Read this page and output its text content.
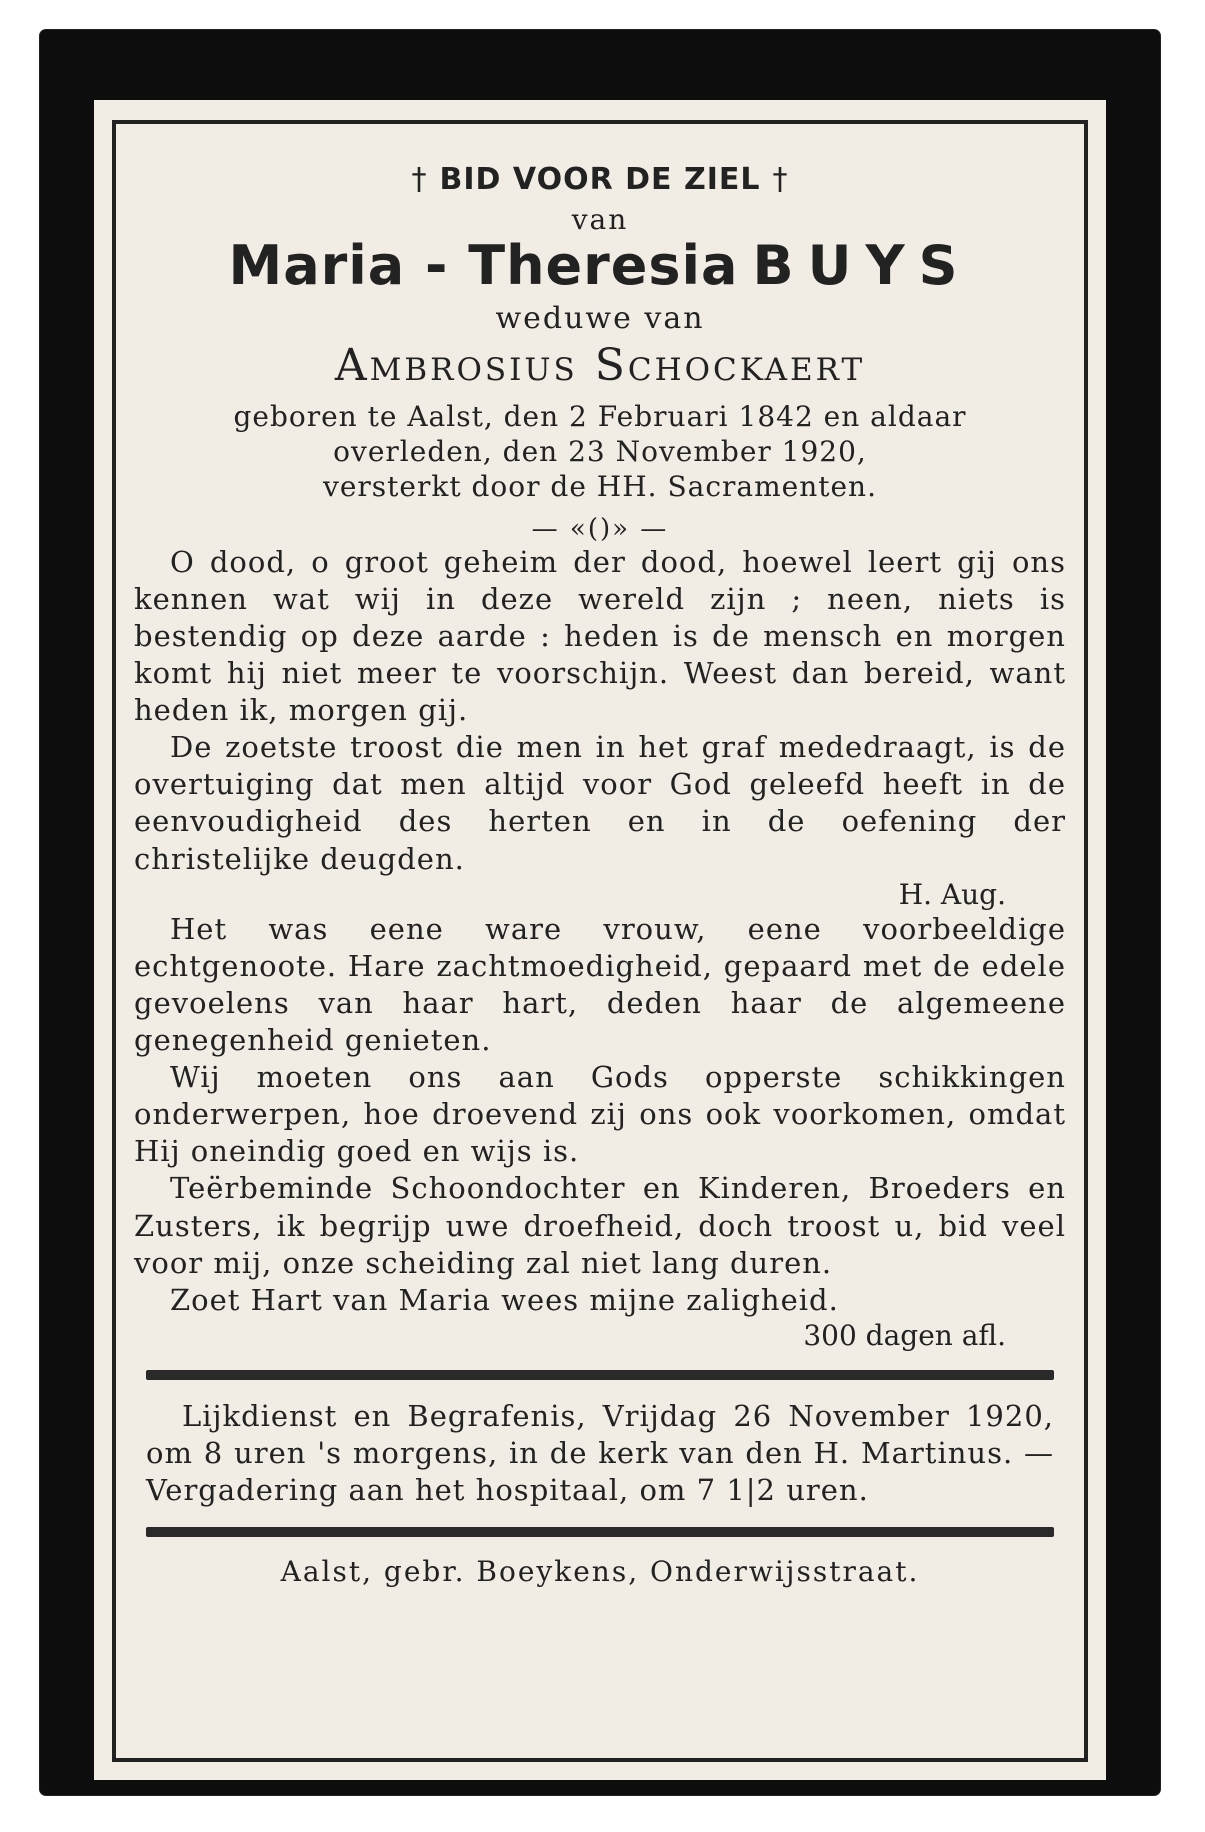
† BID VOOR DE ZIEL †
van
Maria - Theresia BUYS
weduwe van
Ambrosius Schockaert
geboren te Aalst, den 2 Februari 1842 en aldaar
overleden, den 23 November 1920,
versterkt door de HH. Sacramenten.
— «()» —

O dood, o groot geheim der dood, hoewel leert gij ons kennen wat wij in deze wereld zijn ; neen, niets is bestendig op deze aarde : heden is de mensch en morgen komt hij niet meer te voorschijn. Weest dan bereid, want heden ik, morgen gij.

De zoetste troost die men in het graf mededraagt, is de overtuiging dat men altijd voor God geleefd heeft in de eenvoudigheid des herten en in de oefening der christelijke deugden.

H. Aug.

Het was eene ware vrouw, eene voorbeeldige echtgenoote. Hare zachtmoedigheid, gepaard met de edele gevoelens van haar hart, deden haar de algemeene genegenheid genieten.

Wij moeten ons aan Gods opperste schikkingen onderwerpen, hoe droevend zij ons ook voorkomen, omdat Hij oneindig goed en wijs is.

Teërbeminde Schoondochter en Kinderen, Broeders en Zusters, ik begrijp uwe droefheid, doch troost u, bid veel voor mij, onze scheiding zal niet lang duren.

Zoet Hart van Maria wees mijne zaligheid.

300 dagen afl.

Lijkdienst en Begrafenis, Vrijdag 26 November 1920, om 8 uren 's morgens, in de kerk van den H. Martinus. — Vergadering aan het hospitaal, om 7 1|2 uren.

Aalst, gebr. Boeykens, Onderwijsstraat.
